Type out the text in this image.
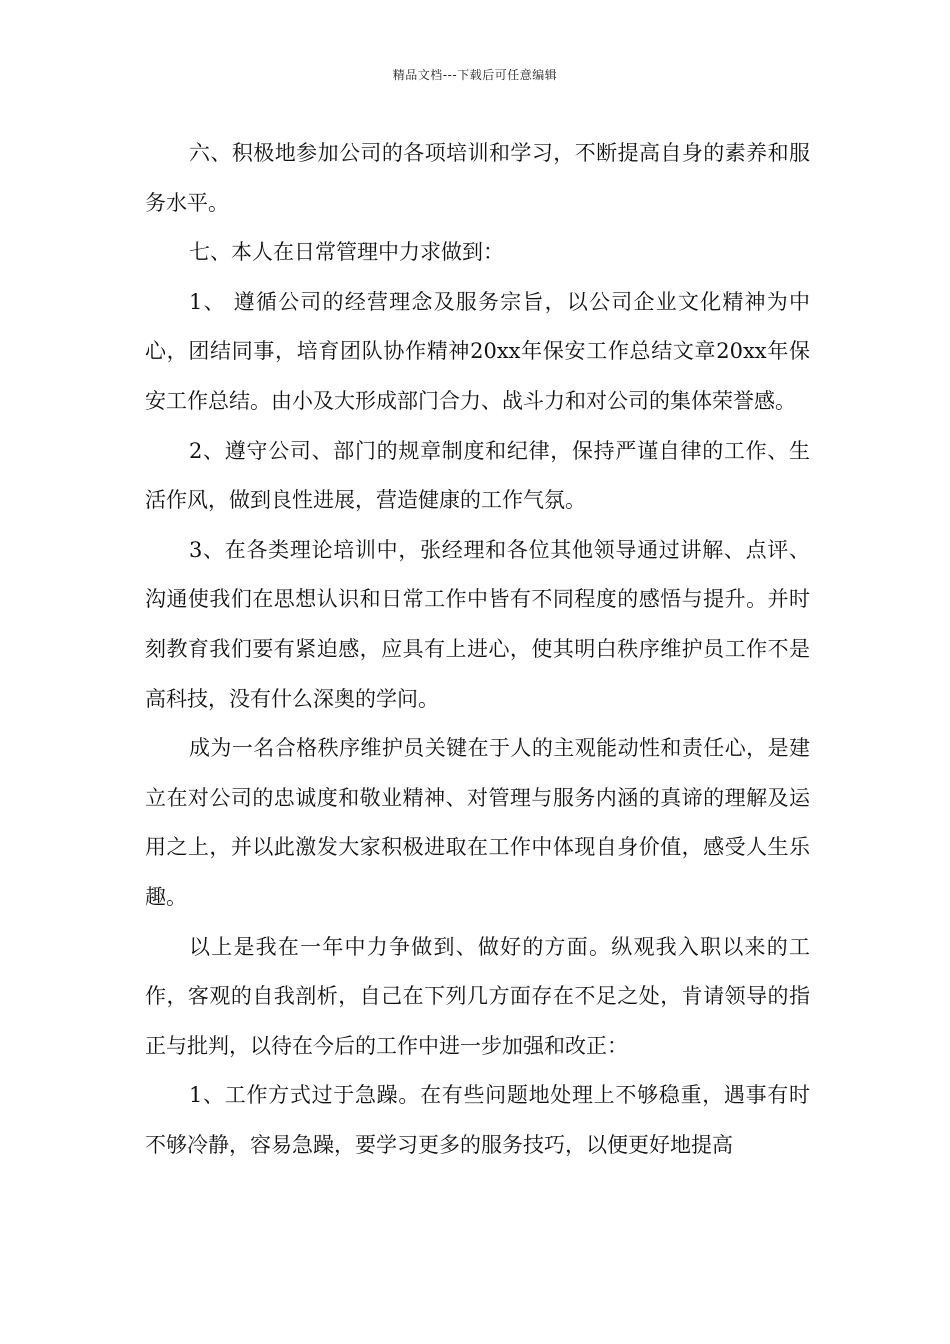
精品文档---下载后可任意编辑

六、积极地参加公司的各项培训和学习，不断提高自身的素养和服务水平。

七、本人在日常管理中力求做到：

1、 遵循公司的经营理念及服务宗旨，以公司企业文化精神为中心，团结同事，培育团队协作精神20xx年保安工作总结文章20xx年保安工作总结。由小及大形成部门合力、战斗力和对公司的集体荣誉感。

2、遵守公司、部门的规章制度和纪律，保持严谨自律的工作、生活作风，做到良性进展，营造健康的工作气氛。

3、在各类理论培训中，张经理和各位其他领导通过讲解、点评、沟通使我们在思想认识和日常工作中皆有不同程度的感悟与提升。并时刻教育我们要有紧迫感，应具有上进心，使其明白秩序维护员工作不是高科技，没有什么深奥的学问。

成为一名合格秩序维护员关键在于人的主观能动性和责任心，是建立在对公司的忠诚度和敬业精神、对管理与服务内涵的真谛的理解及运用之上，并以此激发大家积极进取在工作中体现自身价值，感受人生乐趣。

以上是我在一年中力争做到、做好的方面。纵观我入职以来的工作，客观的自我剖析，自己在下列几方面存在不足之处，肯请领导的指正与批判，以待在今后的工作中进一步加强和改正：

1、工作方式过于急躁。在有些问题地处理上不够稳重，遇事有时不够冷静，容易急躁，要学习更多的服务技巧，以便更好地提高
